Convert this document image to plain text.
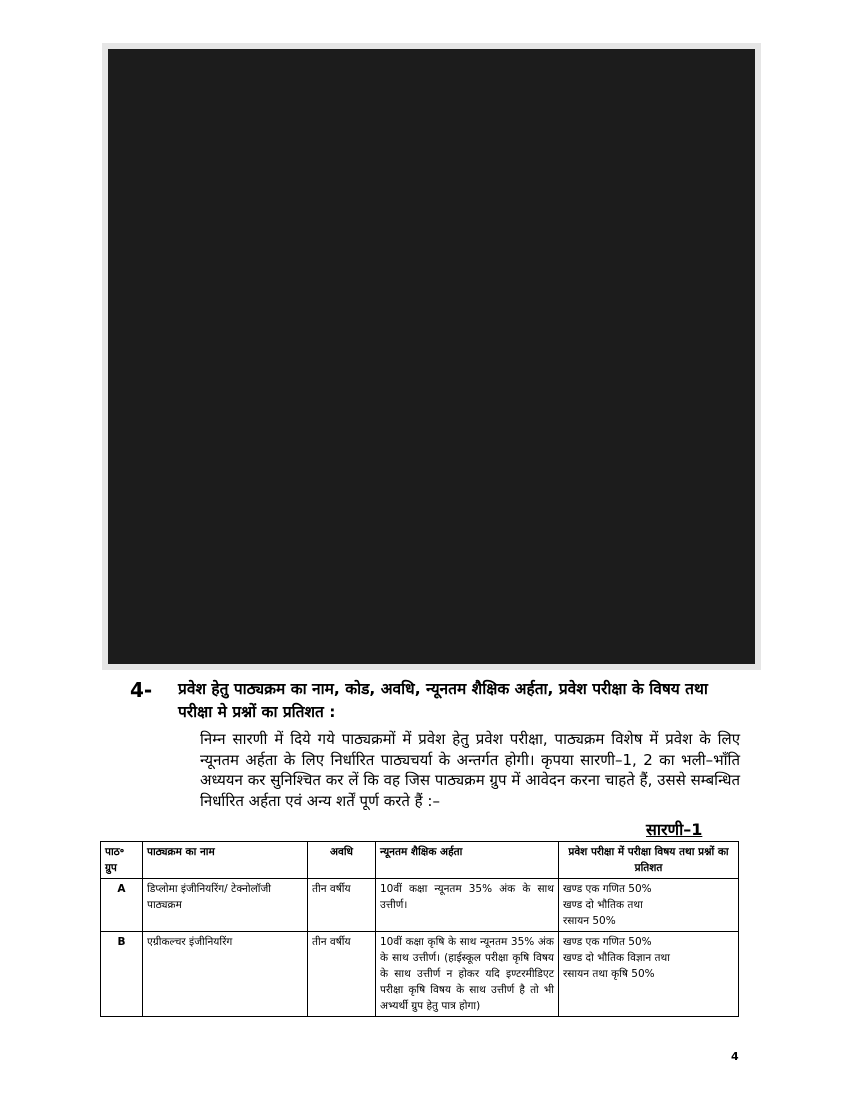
4- प्रवेश हेतु पाठ्यक्रम का नाम, कोड, अवधि, न्यूनतम शैक्षिक अर्हता, प्रवेश परीक्षा के विषय तथा परीक्षा मे प्रश्नों का प्रतिशत :
निम्न सारणी में दिये गये पाठ्यक्रमों में प्रवेश हेतु प्रवेश परीक्षा, पाठ्यक्रम विशेष में प्रवेश के लिए न्यूनतम अर्हता के लिए निर्धारित पाठ्यचर्या के अन्तर्गत होगी। कृपया सारणी–1, 2 का भली–भाँति अध्ययन कर सुनिश्चित कर लें कि वह जिस पाठ्यक्रम ग्रुप में आवेदन करना चाहते हैं, उससे सम्बन्धित निर्धारित अर्हता एवं अन्य शर्तें पूर्ण करते हैं :–
सारणी–1
पाठ॰ ग्रुप	पाठ्यक्रम का नाम	अवधि	न्यूनतम शैक्षिक अर्हता	प्रवेश परीक्षा में परीक्षा विषय तथा प्रश्नों का प्रतिशत
A	डिप्लोमा इंजीनियरिंग/ टेक्नोलॉजी पाठ्यक्रम	तीन वर्षीय	10वीं कक्षा न्यूनतम 35% अंक के साथ उत्तीर्ण।	खण्ड एक गणित 50%
खण्ड दो भौतिक तथा
रसायन 50%

B	एग्रीकल्चर इंजीनियरिंग	तीन वर्षीय	10वीं कक्षा कृषि के साथ न्यूनतम 35% अंक के साथ उत्तीर्ण। (हाईस्कूल परीक्षा कृषि विषय के साथ उत्तीर्ण न होकर यदि इण्टरमीडिएट परीक्षा कृषि विषय के साथ उत्तीर्ण है तो भी अभ्यर्थी ग्रुप हेतु पात्र होगा)	खण्ड एक गणित 50%
खण्ड दो भौतिक विज्ञान तथा
रसायन तथा कृषि 50%
4
